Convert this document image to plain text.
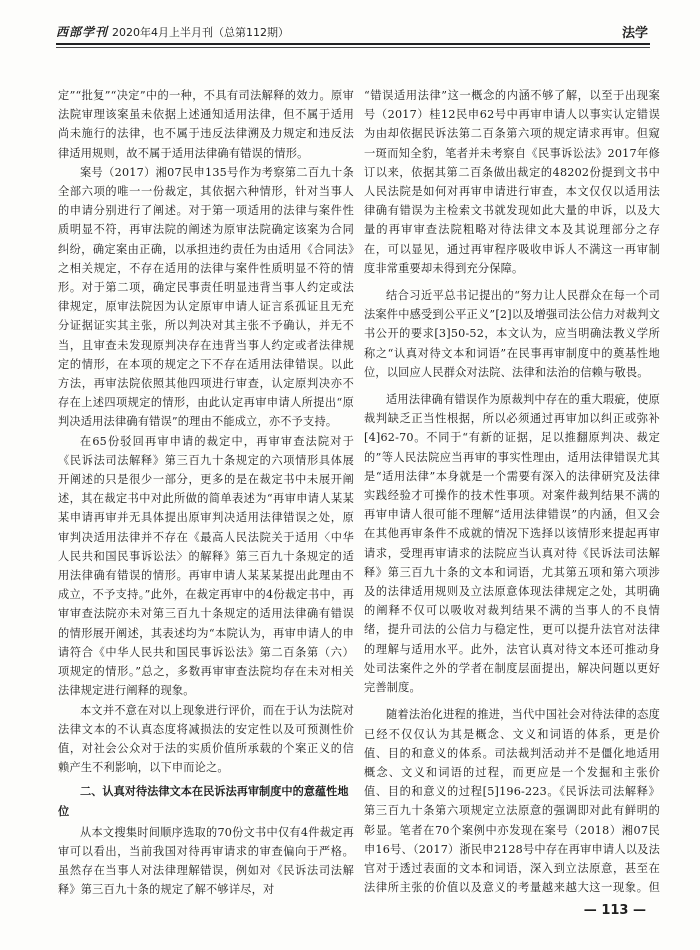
西部学刊 2020年4月上半月刊（总第112期）	法学

定”“批复”“决定”中的一种，不具有司法解释的效力。原审法院审理该案虽未依据上述通知适用法律，但不属于适用尚未施行的法律，也不属于违反法律溯及力规定和违反法律适用规则，故不属于适用法律确有错误的情形。

案号（2017）湘07民申135号作为考察第二百九十条全部六项的唯一一份裁定，其依据六种情形，针对当事人的申请分别进行了阐述。对于第一项适用的法律与案件性质明显不符，再审法院的阐述为原审法院确定该案为合同纠纷，确定案由正确，以承担违约责任为由适用《合同法》之相关规定，不存在适用的法律与案件性质明显不符的情形。对于第二项，确定民事责任明显违背当事人约定或法律规定，原审法院因为认定原审申请人证言系孤证且无充分证据证实其主张，所以判决对其主张不予确认，并无不当，且审查未发现原判决存在违背当事人约定或者法律规定的情形，在本项的规定之下不存在适用法律错误。以此方法，再审法院依照其他四项进行审查，认定原判决亦不存在上述四项规定的情形，由此认定再审申请人所提出“原判决适用法律确有错误”的理由不能成立，亦不予支持。

在65份驳回再审申请的裁定中，再审审查法院对于《民诉法司法解释》第三百九十条规定的六项情形具体展开阐述的只是很少一部分，更多的是在裁定书中未展开阐述，其在裁定书中对此所做的简单表述为“再审申请人某某某申请再审并无具体提出原审判决适用法律错误之处，原审判决适用法律并不存在《最高人民法院关于适用〈中华人民共和国民事诉讼法〉的解释》第三百九十条规定的适用法律确有错误的情形。再审申请人某某某提出此理由不成立，不予支持。”此外，在裁定再审中的4份裁定书中，再审审查法院亦未对第三百九十条规定的适用法律确有错误的情形展开阐述，其表述均为“本院认为，再审申请人的申请符合《中华人民共和国民事诉讼法》第二百条第（六）项规定的情形。”总之，多数再审审查法院均存在未对相关法律规定进行阐释的现象。

本文并不意在对以上现象进行评价，而在于认为法院对法律文本的不认真态度将减损法的安定性以及可预测性价值，对社会公众对于法的实质价值所承载的个案正义的信赖产生不利影响，以下申而论之。

二、认真对待法律文本在民诉法再审制度中的意蕴性地位

从本文搜集时间顺序选取的70份文书中仅有4件裁定再审可以看出，当前我国对待再审请求的审查偏向于严格。虽然存在当事人对法律理解错误，例如对《民诉法司法解释》第三百九十条的规定了解不够详尽，对

“错误适用法律”这一概念的内涵不够了解，以至于出现案号（2017）桂12民申62号中再审申请人以事实认定错误为由却依据民诉法第二百条第六项的规定请求再审。但窥一斑而知全豹，笔者并未考察自《民事诉讼法》2017年修订以来，依据其第二百条做出裁定的48202份提到文书中人民法院是如何对再审申请进行审查，本文仅仅以适用法律确有错误为主检索文书就发现如此大量的申诉，以及大量的再审审查法院粗略对待法律文本及其说理部分之存在，可以显见，通过再审程序吸收申诉人不满这一再审制度非常重要却未得到充分保障。

结合习近平总书记提出的“努力让人民群众在每一个司法案件中感受到公平正义”[2]以及增强司法公信力对裁判文书公开的要求[3]50-52，本文认为，应当明确法教义学所称之“认真对待文本和词语”在民事再审制度中的奠基性地位，以回应人民群众对法院、法律和法治的信赖与敬畏。

适用法律确有错误作为原裁判中存在的重大瑕疵，使原裁判缺乏正当性根据，所以必须通过再审加以纠正或弥补[4]62-70。不同于“有新的证据，足以推翻原判决、裁定的”等人民法院应当再审的事实性理由，适用法律错误尤其是“适用法律”本身就是一个需要有深入的法律研究及法律实践经验才可操作的技术性事项。对案件裁判结果不满的再审申请人很可能不理解“适用法律错误”的内涵，但又会在其他再审条件不成就的情况下选择以该情形来提起再审请求，受理再审请求的法院应当认真对待《民诉法司法解释》第三百九十条的文本和词语，尤其第五项和第六项涉及的法律适用规则及立法原意体现法律规定之处，其明确的阐释不仅可以吸收对裁判结果不满的当事人的不良情绪，提升司法的公信力与稳定性，更可以提升法官对法律的理解与适用水平。此外，法官认真对待文本还可推动身处司法案件之外的学者在制度层面提出，解决问题以更好完善制度。

随着法治化进程的推进，当代中国社会对待法律的态度已经不仅仅认为其是概念、文义和词语的体系，更是价值、目的和意义的体系。司法裁判活动并不是僵化地适用概念、文义和词语的过程，而更应是一个发掘和主张价值、目的和意义的过程[5]196-223。《民诉法司法解释》第三百九十条第六项规定立法原意的强调即对此有鲜明的彰显。笔者在70个案例中亦发现在案号（2018）湘07民申16号、（2017）浙民申2128号中存在再审申请人以及法官对于透过表面的文本和词语，深入到立法原意，甚至在法律所主张的价值以及意义的考量越来越大这一现象。但

— 113 —
